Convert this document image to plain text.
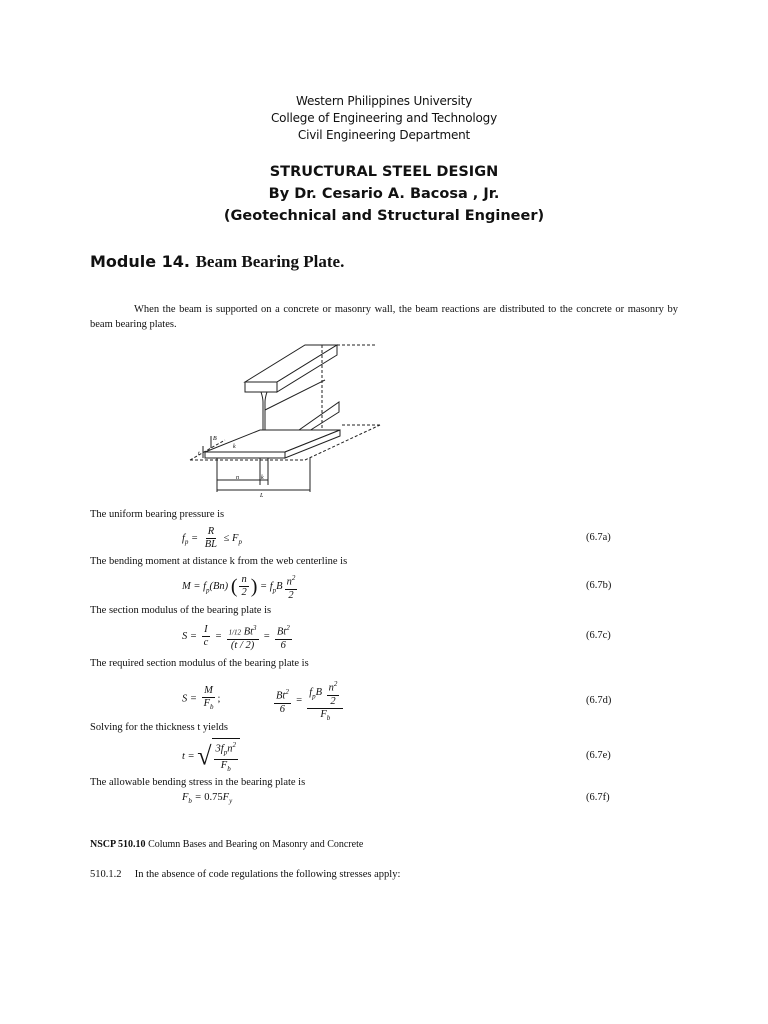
Western Philippines University
College of Engineering and Technology
Civil Engineering Department
STRUCTURAL STEEL DESIGN
By Dr. Cesario A. Bacosa , Jr.
(Geotechnical and Structural Engineer)
Module 14. Beam Bearing Plate.
When the beam is supported on a concrete or masonry wall, the beam reactions are distributed to the concrete or masonry by beam bearing plates.
B
t
k
n	k
L
The uniform bearing pressure is
$f_p = \frac{R}{BL} \le F_p$	(6.7a)
The bending moment at distance k from the web centerline is
$M = f_p(Bn)$ ( $\frac{n}{2}$ ) = $f_pB \frac{n^2}{2}$	(6.7b)
The section modulus of the bearing plate is
$S = \frac{I}{c} = \frac{1/12 Bt^3}{(t / 2)} = \frac{Bt^2}{6}$	(6.7c)
The required section modulus of the bearing plate is
$S = \frac{M}{F_b}$ ;	$\frac{Bt^2}{6} = \frac{f_pB \frac{n^2}{2}}{F_b}$	(6.7d)
Solving for the thickness t yields
t = √ $\frac{3f_pn^2}{F_b}$	(6.7e)
The allowable bending stress in the bearing plate is
$F_b = 0.75F_y$	(6.7f)
NSCP 510.10 Column Bases and Bearing on Masonry and Concrete
510.1.2 In the absence of code regulations the following stresses apply:
